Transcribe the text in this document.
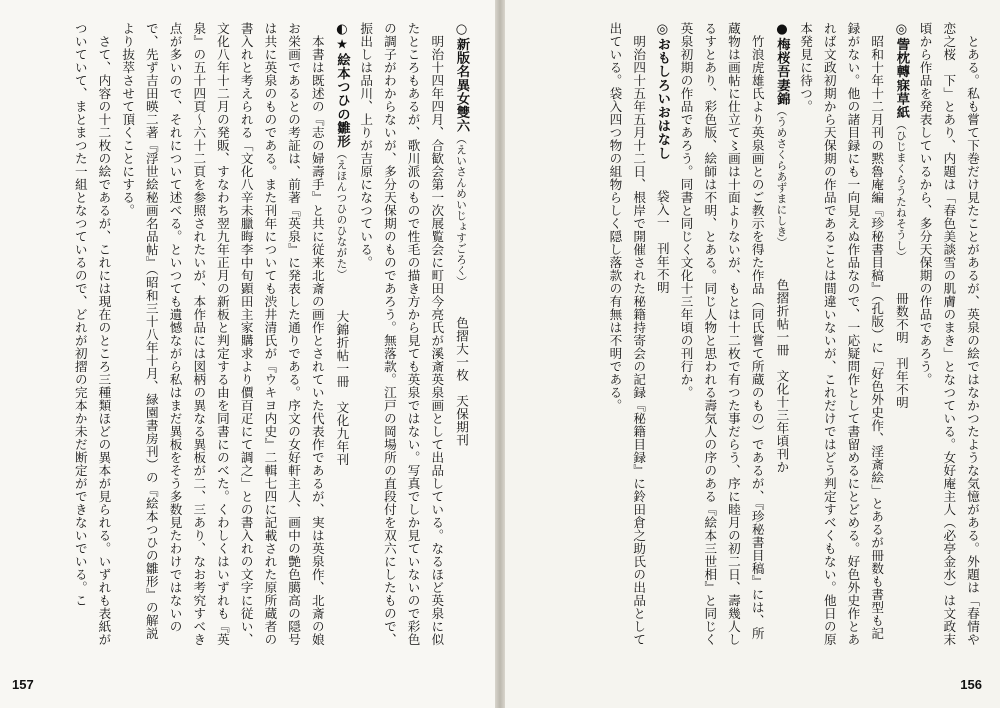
○新版名異女雙六（えいさんめいじょすごろく）色摺大一枚　天保期刊

明治十四年四月、合歓会第一次展覧会に町田今亮氏が溪斎英泉画として出品している。なるほど英泉に似たところもあるが、歌川派のもので性毛の描き方から見ても英泉ではない。写真でしか見ていないので彩色の調子がわからないが、多分天保期のものであろう。無落款。江戸の岡場所の直段付を双六にしたもので、振出しは品川、上りが吉原になつている。

◐★絵本つひの雛形（えほんつひのひながた）大錦折帖一冊　文化九年刊

本書は既述の『志の婦壽手』と共に従来北斎の画作とされていた代表作であるが、実は英泉作、北斎の娘お栄画であるとの考証は、前著『英泉』に発表した通りである。序文の女好軒主人、画中の艶色臈高の隠号は共に英泉のものである。また刊年についても渋井清氏が『ウキヨ内史』二輯七四に記載された原所蔵者の書入れと考えられる「文化八辛未臘晦李中旬顕田主家購求より價百疋にて調之」との書入れの文字に従い、文化八年十二月の発販、すなわち翌九年正月の新板と判定する由を同書にのべた。くわしくはいずれも『英泉』の五十四頁〜六十二頁を参照されたいが、本作品には図柄の異なる異板が二、三あり、なお考究すべき点が多いので、それについて述べる。といつても遺憾ながら私はまだ異板をそう多数見たわけではないので、先ず吉田暎二著『浮世絵秘画名品帖』（昭和三十八年十月、緑園書房刊）の『絵本つひの雛形』の解説より抜萃させて頂くことにする。

さて、内容の十二枚の絵であるが、これには現在のところ三種類ほどの異本が見られる。いずれも表紙がついていて、まとまつた一組となつているので、どれが初摺の完本か未だ断定ができないでいる。こ

157

とある。私も嘗て下巻だけ見たことがあるが、英泉の絵ではなかつたような気憶がある。外題は「春情や恋之桜　下」とあり、内題は「春色美談雪の肌膚のまき」となつている。女好庵主人（必亭金水）は文政末頃から作品を発表しているから、多分天保期の作品であろう。

◎訾枕轉寐草紙（ひじまくらうたねそうし）冊数不明　刊年不明

昭和十年十二月刊の黙魯庵編『珍秘書目稿』（孔版）に「好色外史作、淫斎絵」とあるが冊数も書型も記録がない。他の諸目録にも一向見えぬ作品なので、一応疑問作として書留めるにとどめる。好色外史作とあれば文政初期から天保期の作品であることは間違いないが、これだけではどう判定すべくもない。他日の原本発見に待つ。

●梅桜吾妻錦（うめさくらあずまにしき）色摺折帖一冊　文化十三年頃刊か

竹浪虎雄氏より英泉画とのご教示を得た作品（同氏嘗て所蔵のもの）であるが、『珍秘書目稿』には、所蔵物は画帖に仕立て〻画は十面よりないが、もとは十二枚で有つた事だらう、序に睦月の初二日、壽幾人しるすとあり、彩色版、絵師は不明、とある。同じ人物と思われる壽気人の序のある『絵本三世相』と同じく英泉初期の作品であろう。同書と同じく文化十三年頃の刊行か。

◎おもしろいおはなし袋入一　刊年不明

明治四十五年五月十二日、根岸で開催された秘籍持寄会の記録『秘籍目録』に鈴田倉之助氏の出品として出ている。袋入四つ物の組物らしく隠し落款の有無は不明である。

156
